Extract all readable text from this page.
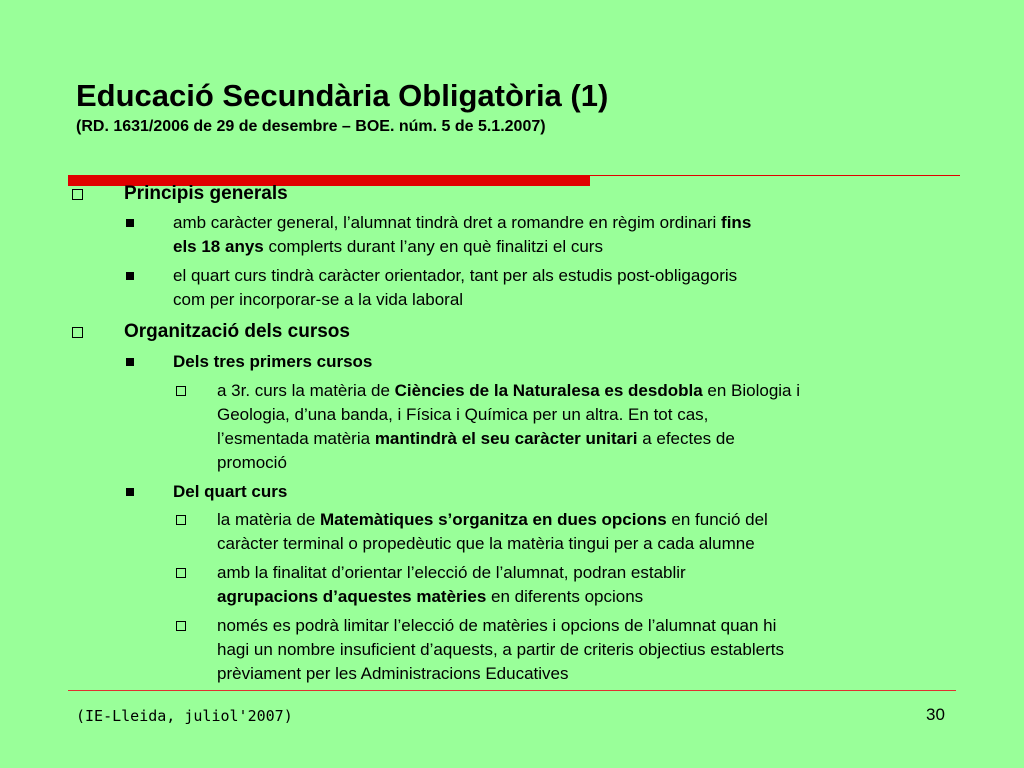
Educació Secundària Obligatòria (1)
(RD. 1631/2006 de 29 de desembre – BOE. núm. 5 de 5.1.2007)
Principis generals
amb caràcter general, l’alumnat tindrà dret a romandre en règim ordinari fins
els 18 anys complerts durant l’any en què finalitzi el curs
el quart curs tindrà caràcter orientador, tant per als estudis post-obligagoris
com per incorporar-se a la vida laboral
Organització dels cursos
Dels tres primers cursos
a 3r. curs la matèria de Ciències de la Naturalesa es desdobla en Biologia i
Geologia, d’una banda, i Física i Química per un altra. En tot cas,
l’esmentada matèria mantindrà el seu caràcter unitari a efectes de
promoció
Del quart curs
la matèria de Matemàtiques s’organitza en dues opcions en funció del
caràcter terminal o propedèutic que la matèria tingui per a cada alumne
amb la finalitat d’orientar l’elecció de l’alumnat, podran establir
agrupacions d’aquestes matèries en diferents opcions
només es podrà limitar l’elecció de matèries i opcions de l’alumnat quan hi
hagi un nombre insuficient d’aquests, a partir de criteris objectius establerts
prèviament per les Administracions Educatives
(IE-Lleida, juliol'2007)	30
